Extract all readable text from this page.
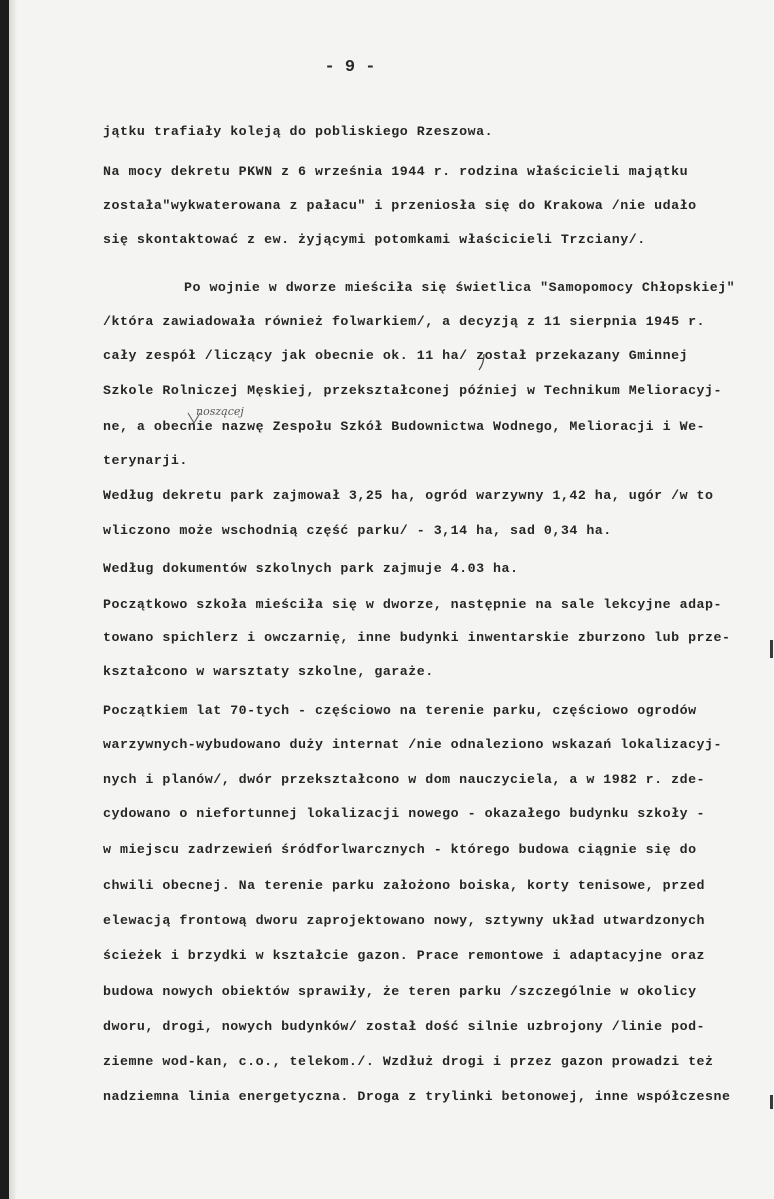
- 9 -
jątku trafiały koleją do pobliskiego Rzeszowa.
Na mocy dekretu PKWN z 6 września 1944 r. rodzina właścicieli majątku
została"wykwaterowana z pałacu" i przeniosła się do Krakowa /nie udało
się skontaktować z ew. żyjącymi potomkami właścicieli Trzciany/.
Po wojnie w dworze mieściła się świetlica "Samopomocy Chłopskiej"
/która zawiadowała również folwarkiem/, a decyzją z 11 sierpnia 1945 r.
cały zespół /liczący jak obecnie ok. 11 ha/ został przekazany Gminnej
Szkole Rolniczej Męskiej, przekształconej później w Technikum Melioracyj-
ne, a obecnie nazwę Zespołu Szkół Budownictwa Wodnego, Melioracji i We-
terynarji.
Według dekretu park zajmował 3,25 ha, ogród warzywny 1,42 ha, ugór /w to
wliczono może wschodnią część parku/ - 3,14 ha, sad 0,34 ha.
Według dokumentów szkolnych park zajmuje 4.03 ha.
Początkowo szkoła mieściła się w dworze, następnie na sale lekcyjne adap-
towano spichlerz i owczarnię, inne budynki inwentarskie zburzono lub prze-
kształcono w warsztaty szkolne, garaże.
Początkiem lat 70-tych - częściowo na terenie parku, częściowo ogrodów
warzywnych-wybudowano duży internat /nie odnaleziono wskazań lokalizacyj-
nych i planów/, dwór przekształcono w dom nauczyciela, a w 1982 r. zde-
cydowano o niefortunnej lokalizacji nowego - okazałego budynku szkoły -
w miejscu zadrzewień śródforlwarcznych - którego budowa ciągnie się do
chwili obecnej. Na terenie parku założono boiska, korty tenisowe, przed
elewacją frontową dworu zaprojektowano nowy, sztywny układ utwardzonych
ścieżek i brzydki w kształcie gazon. Prace remontowe i adaptacyjne oraz
budowa nowych obiektów sprawiły, że teren parku /szczególnie w okolicy
dworu, drogi, nowych budynków/ został dość silnie uzbrojony /linie pod-
ziemne wod-kan, c.o., telekom./. Wzdłuż drogi i przez gazon prowadzi też
nadziemna linia energetyczna. Droga z trylinki betonowej, inne współczesne
noszącej
